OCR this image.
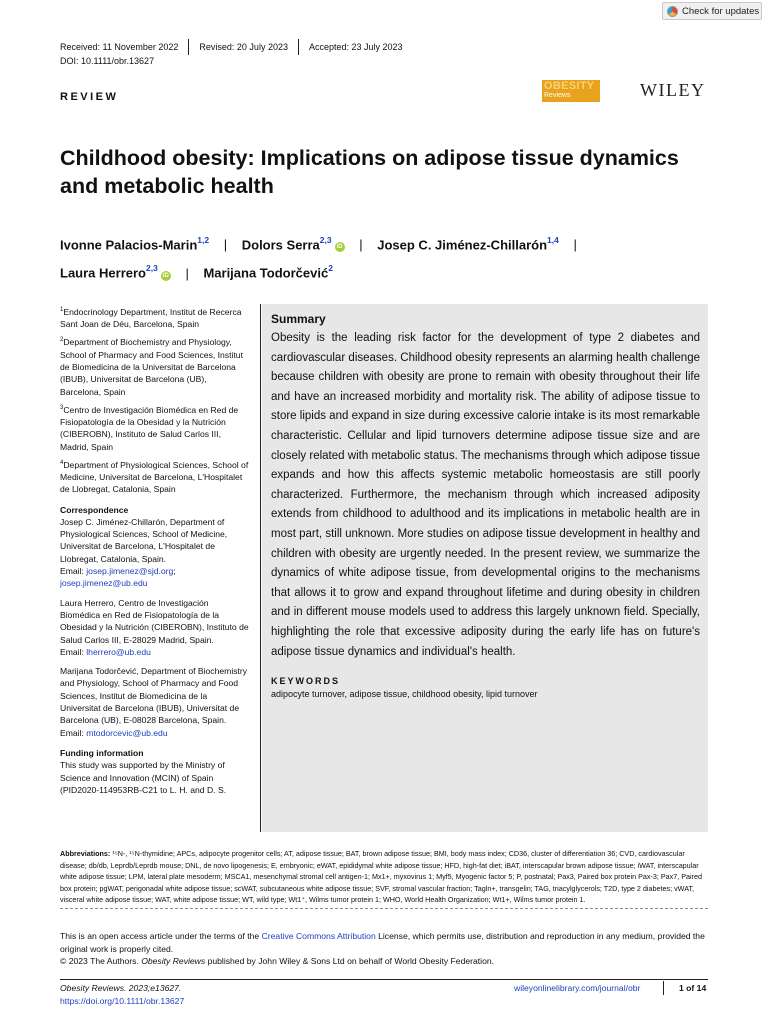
Check for updates
Received: 11 November 2022 Revised: 20 July 2023 Accepted: 23 July 2023
DOI: 10.1111/obr.13627
REVIEW
OBESITY
Reviews	WILEY
Childhood obesity: Implications on adipose tissue dynamics and metabolic health
Ivonne Palacios-Marin$^{1,2}$ | Dolors Serra$^{2,3}$iD | Josep C. Jiménez-Chillarón$^{1,4}$ |
Laura Herrero$^{2,3}$iD | Marijana Todorčević$^2$
$^1$Endocrinology Department, Institut de Recerca Sant Joan de Déu, Barcelona, Spain
$^2$Department of Biochemistry and Physiology, School of Pharmacy and Food Sciences, Institut de Biomedicina de la Universitat de Barcelona (IBUB), Universitat de Barcelona (UB), Barcelona, Spain
$^3$Centro de Investigación Biomédica en Red de Fisiopatología de la Obesidad y la Nutrición (CIBEROBN), Instituto de Salud Carlos III, Madrid, Spain
$^4$Department of Physiological Sciences, School of Medicine, Universitat de Barcelona, L'Hospitalet de Llobregat, Catalonia, Spain
Correspondence
Josep C. Jiménez-Chillarón, Department of Physiological Sciences, School of Medicine, Universitat de Barcelona, L'Hospitalet de Llobregat, Catalonia, Spain.
Email: josep.jimenez@sjd.org;
josep.jimenez@ub.edu
Laura Herrero, Centro de Investigación Biomédica en Red de Fisiopatología de la Obesidad y la Nutrición (CIBEROBN), Instituto de Salud Carlos III, E-28029 Madrid, Spain.
Email: lherrero@ub.edu
Marijana Todorčević, Department of Biochemistry and Physiology, School of Pharmacy and Food Sciences, Institut de Biomedicina de la Universitat de Barcelona (IBUB), Universitat de Barcelona (UB), E-08028 Barcelona, Spain.
Email: mtodorcevic@ub.edu
Funding information
This study was supported by the Ministry of Science and Innovation (MCIN) of Spain (PID2020-114953RB-C21 to L. H. and D. S.
Summary
Obesity is the leading risk factor for the development of type 2 diabetes and cardiovascular diseases. Childhood obesity represents an alarming health challenge because children with obesity are prone to remain with obesity throughout their life and have an increased morbidity and mortality risk. The ability of adipose tissue to store lipids and expand in size during excessive calorie intake is its most remarkable characteristic. Cellular and lipid turnovers determine adipose tissue size and are closely related with metabolic status. The mechanisms through which adipose tissue expands and how this affects systemic metabolic homeostasis are still poorly characterized. Furthermore, the mechanism through which increased adiposity extends from childhood to adulthood and its implications in metabolic health are in most part, still unknown. More studies on adipose tissue development in healthy and children with obesity are urgently needed. In the present review, we summarize the dynamics of white adipose tissue, from developmental origins to the mechanisms that allows it to grow and expand throughout lifetime and during obesity in children and in different mouse models used to address this largely unknown field. Specially, highlighting the role that excessive adiposity during the early life has on future's adipose tissue dynamics and individual's health.
KEYWORDS
adipocyte turnover, adipose tissue, childhood obesity, lipid turnover
Abbreviations: ¹⁵N-, ¹⁵N-thymidine; APCs, adipocyte progenitor cells; AT, adipose tissue; BAT, brown adipose tissue; BMI, body mass index; CD36, cluster of differentiation 36; CVD, cardiovascular disease; db/db, Leprdb/Leprdb mouse; DNL, de novo lipogenesis; E, embryonic; eWAT, epididymal white adipose tissue; HFD, high-fat diet; iBAT, interscapular brown adipose tissue; iWAT, interscapular white adipose tissue; LPM, lateral plate mesoderm; MSCA1, mesenchymal stromal cell antigen-1; Mx1+, myxovirus 1; Myf5, Myogenic factor 5; P, postnatal; Pax3, Paired box protein Pax-3; Pax7, Paired box protein; pgWAT, perigonadal white adipose tissue; scWAT, subcutaneous white adipose tissue; SVF, stromal vascular fraction; Tagln+, transgelin; TAG, triacylglycerols; T2D, type 2 diabetes; vWAT, visceral white adipose tissue; WAT, white adipose tissue; WT, wild type; Wt1⁺, Wilms tumor protein 1; WHO, World Health Organization; Wt1+, Wilms tumor protein 1.
This is an open access article under the terms of the Creative Commons Attribution License, which permits use, distribution and reproduction in any medium, provided the original work is properly cited.
© 2023 The Authors. Obesity Reviews published by John Wiley & Sons Ltd on behalf of World Obesity Federation.
Obesity Reviews. 2023;e13627.
https://doi.org/10.1111/obr.13627
wileyonlinelibrary.com/journal/obr	1 of 14
